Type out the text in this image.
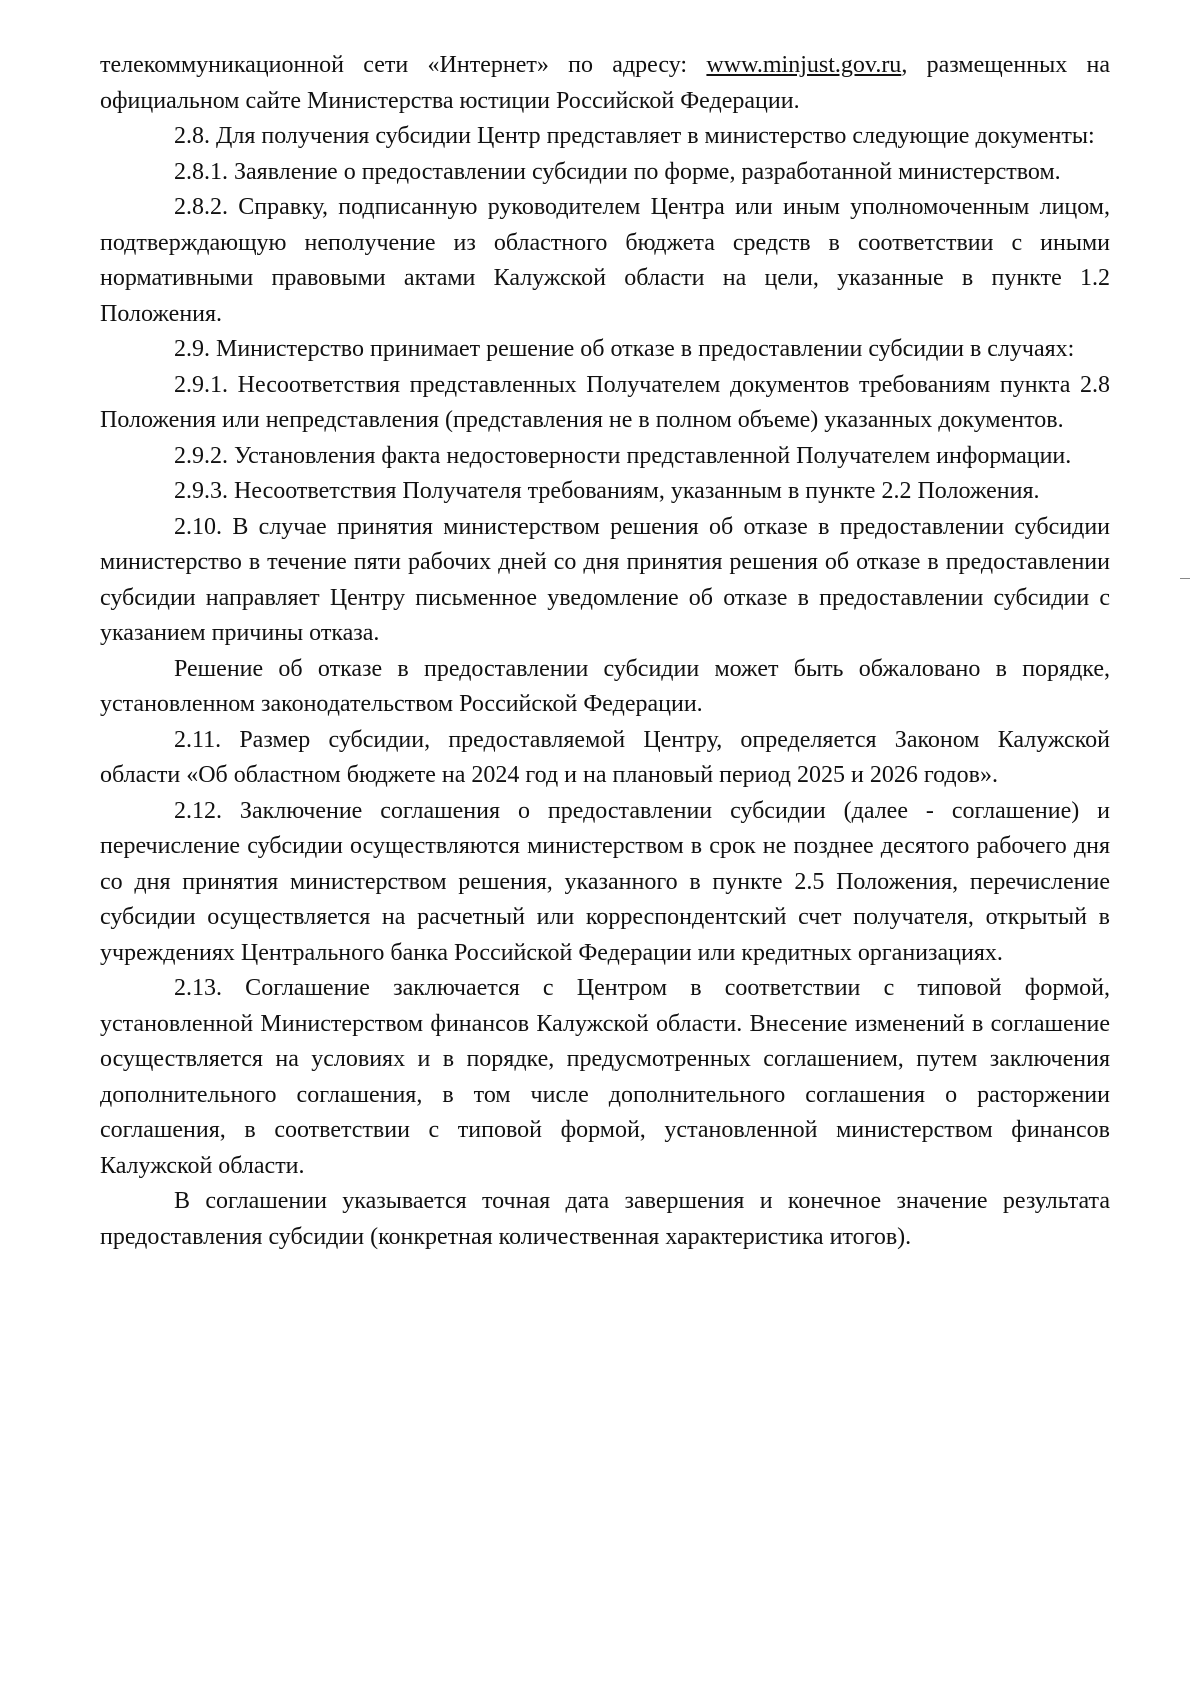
телекоммуникационной сети «Интернет» по адресу: www.minjust.gov.ru, размещенных на официальном сайте Министерства юстиции Российской Федерации.

2.8. Для получения субсидии Центр представляет в министерство следующие документы:

2.8.1. Заявление о предоставлении субсидии по форме, разработанной министерством.

2.8.2. Справку, подписанную руководителем Центра или иным уполномоченным лицом, подтверждающую неполучение из областного бюджета средств в соответствии с иными нормативными правовыми актами Калужской области на цели, указанные в пункте 1.2 Положения.

2.9. Министерство принимает решение об отказе в предоставлении субсидии в случаях:

2.9.1. Несоответствия представленных Получателем документов требованиям пункта 2.8 Положения или непредставления (представления не в полном объеме) указанных документов.

2.9.2. Установления факта недостоверности представленной Получателем информации.

2.9.3. Несоответствия Получателя требованиям, указанным в пункте 2.2 Положения.

2.10. В случае принятия министерством решения об отказе в предоставлении субсидии министерство в течение пяти рабочих дней со дня принятия решения об отказе в предоставлении субсидии направляет Центру письменное уведомление об отказе в предоставлении субсидии с указанием причины отказа.

Решение об отказе в предоставлении субсидии может быть обжаловано в порядке, установленном законодательством Российской Федерации.

2.11. Размер субсидии, предоставляемой Центру, определяется Законом Калужской области «Об областном бюджете на 2024 год и на плановый период 2025 и 2026 годов».

2.12. Заключение соглашения о предоставлении субсидии (далее - соглашение) и перечисление субсидии осуществляются министерством в срок не позднее десятого рабочего дня со дня принятия министерством решения, указанного в пункте 2.5 Положения, перечисление субсидии осуществляется на расчетный или корреспондентский счет получателя, открытый в учреждениях Центрального банка Российской Федерации или кредитных организациях.

2.13. Соглашение заключается с Центром в соответствии с типовой формой, установленной Министерством финансов Калужской области. Внесение изменений в соглашение осуществляется на условиях и в порядке, предусмотренных соглашением, путем заключения дополнительного соглашения, в том числе дополнительного соглашения о расторжении соглашения, в соответствии с типовой формой, установленной министерством финансов Калужской области.

В соглашении указывается точная дата завершения и конечное значение результата предоставления субсидии (конкретная количественная характеристика итогов).
